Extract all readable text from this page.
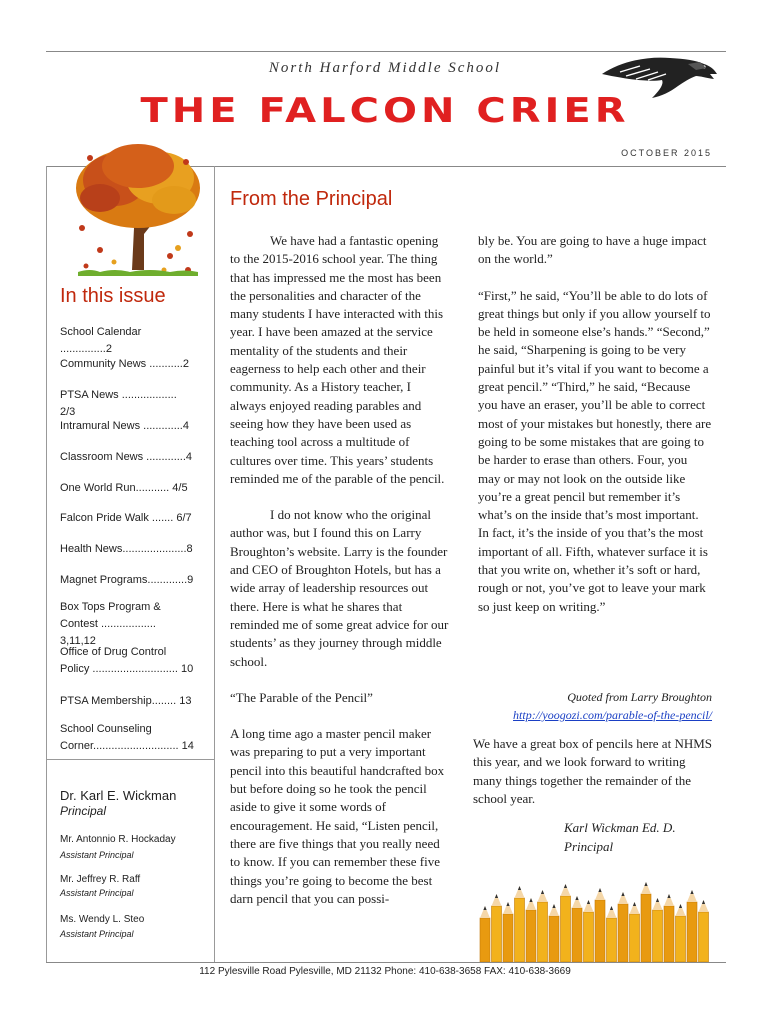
North Harford Middle School
THE FALCON CRIER
OCTOBER 2015
In this issue
School Calendar ...............2
Community News ...........2
PTSA News .................. 2/3
Intramural News .............4
Classroom News .............4
One World Run........... 4/5
Falcon Pride Walk ....... 6/7
Health News.....................8
Magnet Programs.............9
Box Tops Program &
Contest .................. 3,11,12
Office of Drug Control
Policy ............................ 10
PTSA Membership........ 13
School Counseling
Corner............................ 14
Dr. Karl E. Wickman
Principal
Mr. Antonnio R. Hockaday
Assistant Principal
Mr. Jeffrey R. Raff
Assistant Principal
Ms. Wendy L. Steo
Assistant Principal
From the Principal

We have had a fantastic opening to the 2015-2016 school year. The thing that has impressed me the most has been the personalities and character of the many students I have interacted with this year. I have been amazed at the service mentality of the students and their eagerness to help each other and their community. As a History teacher, I always enjoyed reading parables and seeing how they have been used as teaching tool across a multitude of cultures over time. This years’ students reminded me of the parable of the pencil.

I do not know who the original author was, but I found this on Larry Broughton’s website. Larry is the founder and CEO of Broughton Hotels, but has a wide array of leadership resources out there. Here is what he shares that reminded me of some great advice for our students’ as they journey through middle school.

“The Parable of the Pencil”

A long time ago a master pencil maker was preparing to put a very important pencil into this beautiful handcrafted box but before doing so he took the pencil aside to give it some words of encouragement. He said, “Listen pencil, there are five things that you really need to know. If you can remember these five things you’re going to become the best darn pencil that you can possi-

bly be. You are going to have a huge impact on the world.”

“First,” he said, “You’ll be able to do lots of great things but only if you allow yourself to be held in someone else’s hands.” “Second,” he said, “Sharpening is going to be very painful but it’s vital if you want to become a great pencil.” “Third,” he said, “Because you have an eraser, you’ll be able to correct most of your mistakes but honestly, there are going to be some mistakes that are going to be harder to erase than others. Four, you may or may not look on the outside like you’re a great pencil but remember it’s what’s on the inside that’s most important. In fact, it’s the inside of you that’s the most important of all. Fifth, whatever surface it is that you write on, whether it’s soft or hard, rough or not, you’ve got to leave your mark so just keep on writing.”

Quoted from Larry Broughton
http://yoogozi.com/parable-of-the-pencil/
We have a great box of pencils here at NHMS this year, and we look forward to writing many things together the remainder of the school year.
Karl Wickman Ed. D.
Principal
112 Pylesville Road Pylesville, MD 21132 Phone: 410-638-3658 FAX: 410-638-3669
